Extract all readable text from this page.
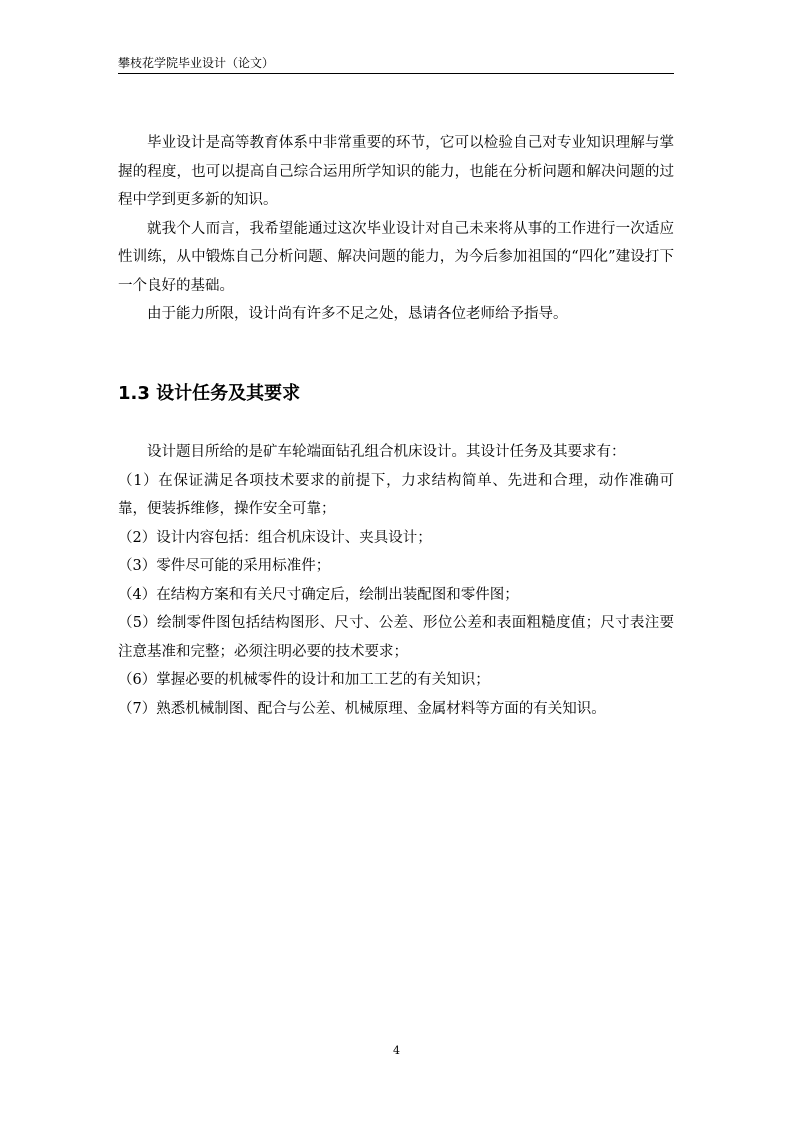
攀枝花学院毕业设计（论文）

毕业设计是高等教育体系中非常重要的环节，它可以检验自己对专业知识理解与掌握的程度，也可以提高自己综合运用所学知识的能力，也能在分析问题和解决问题的过程中学到更多新的知识。

就我个人而言，我希望能通过这次毕业设计对自己未来将从事的工作进行一次适应性训练，从中锻炼自己分析问题、解决问题的能力，为今后参加祖国的“四化”建设打下一个良好的基础。

由于能力所限，设计尚有许多不足之处，恳请各位老师给予指导。

1.3 设计任务及其要求

设计题目所给的是矿车轮端面钻孔组合机床设计。其设计任务及其要求有：

（1）在保证满足各项技术要求的前提下，力求结构简单、先进和合理，动作准确可靠，便装拆维修，操作安全可靠；

（2）设计内容包括：组合机床设计、夹具设计；

（3）零件尽可能的采用标准件；

（4）在结构方案和有关尺寸确定后，绘制出装配图和零件图；

（5）绘制零件图包括结构图形、尺寸、公差、形位公差和表面粗糙度值；尺寸表注要注意基准和完整；必须注明必要的技术要求；

（6）掌握必要的机械零件的设计和加工工艺的有关知识；

（7）熟悉机械制图、配合与公差、机械原理、金属材料等方面的有关知识。

4
